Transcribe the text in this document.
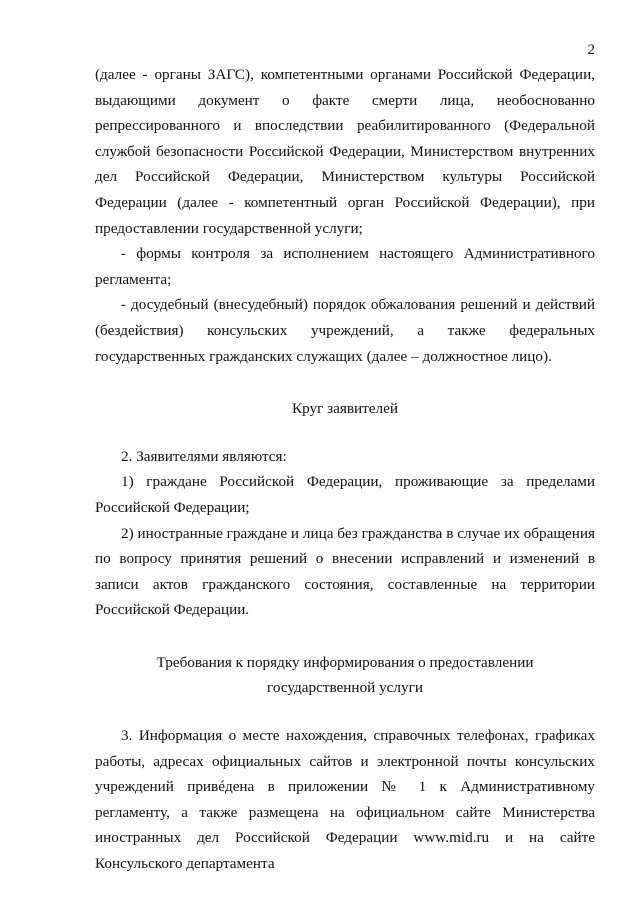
2

(далее - органы ЗАГС), компетентными органами Российской Федерации, выдающими документ о факте смерти лица, необоснованно репрессированного и впоследствии реабилитированного (Федеральной службой безопасности Российской Федерации, Министерством внутренних дел Российской Федерации, Министерством культуры Российской Федерации (далее - компетентный орган Российской Федерации), при предоставлении государственной услуги;

- формы контроля за исполнением настоящего Административного регламента;

- досудебный (внесудебный) порядок обжалования решений и действий (бездействия) консульских учреждений, а также федеральных государственных гражданских служащих (далее – должностное лицо).

Круг заявителей

2. Заявителями являются:

1) граждане Российской Федерации, проживающие за пределами Российской Федерации;

2) иностранные граждане и лица без гражданства в случае их обращения по вопросу принятия решений о внесении исправлений и изменений в записи актов гражданского состояния, составленные на территории Российской Федерации.

Требования к порядку информирования о предоставлении

государственной услуги

3. Информация о месте нахождения, справочных телефонах, графиках работы, адресах официальных сайтов и электронной почты консульских учреждений привéдена в приложении № 1 к Административному регламенту, а также размещена на официальном сайте Министерства иностранных дел Российской Федерации www.mid.ru и на сайте Консульского департамента
